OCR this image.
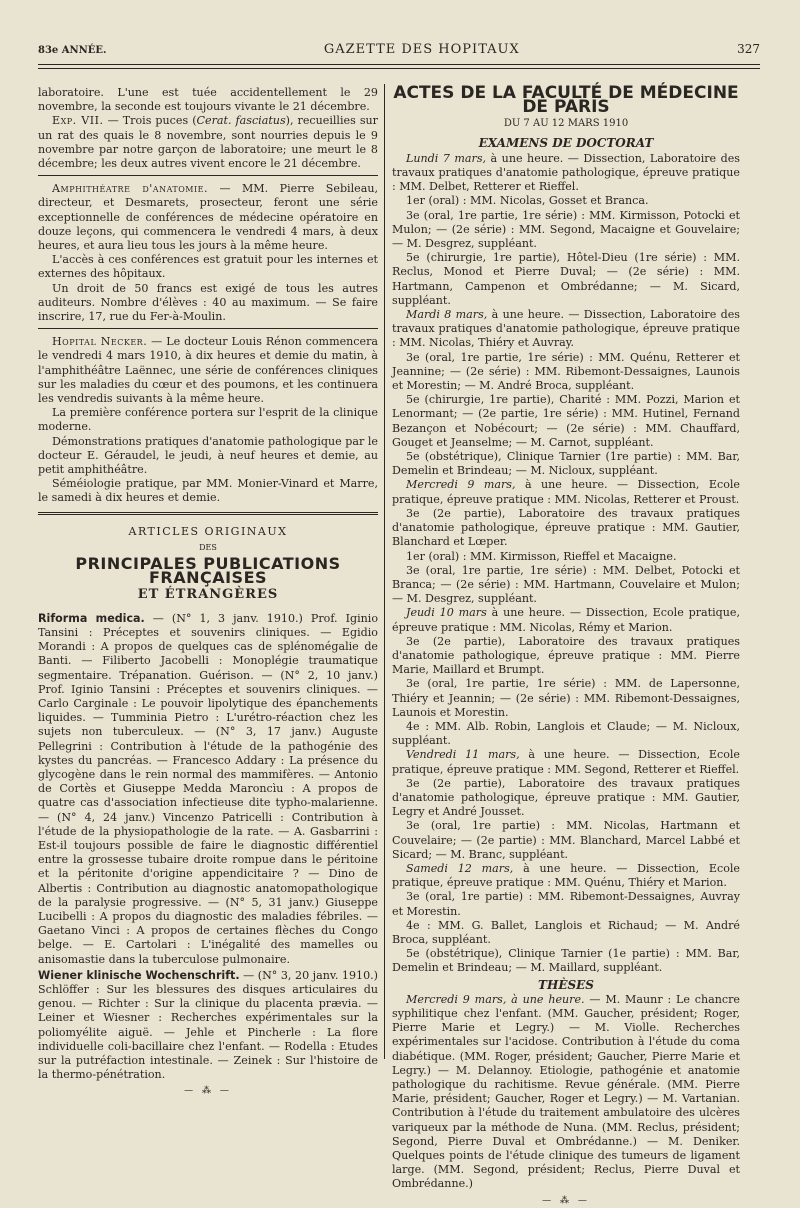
83e ANNÉE.	GAZETTE DES HOPITAUX	327

laboratoire. L'une est tuée accidentellement le 29 novembre, la seconde est toujours vivante le 21 décembre.

Exp. VII. — Trois puces (Cerat. fasciatus), recueillies sur un rat des quais le 8 novembre, sont nourries depuis le 9 novembre par notre garçon de laboratoire; une meurt le 8 décembre; les deux autres vivent encore le 21 décembre.

Amphithéatre d'anatomie. — MM. Pierre Sebileau, directeur, et Desmarets, prosecteur, feront une série exceptionnelle de conférences de médecine opératoire en douze leçons, qui commencera le vendredi 4 mars, à deux heures, et aura lieu tous les jours à la même heure.

L'accès à ces conférences est gratuit pour les internes et externes des hôpitaux.

Un droit de 50 francs est exigé de tous les autres auditeurs. Nombre d'élèves : 40 au maximum. — Se faire inscrire, 17, rue du Fer-à-Moulin.

Hopital Necker. — Le docteur Louis Rénon commencera le vendredi 4 mars 1910, à dix heures et demie du matin, à l'amphithéâtre Laënnec, une série de conférences cliniques sur les maladies du cœur et des poumons, et les continuera les vendredis suivants à la même heure.

La première conférence portera sur l'esprit de la clinique moderne.

Démonstrations pratiques d'anatomie pathologique par le docteur E. Géraudel, le jeudi, à neuf heures et demie, au petit amphithéâtre.

Séméiologie pratique, par MM. Monier-Vinard et Marre, le samedi à dix heures et demie.

ARTICLES ORIGINAUX
DES
PRINCIPALES PUBLICATIONS FRANÇAISES
ET ÉTRANGÈRES

Riforma medica. — (N° 1, 3 janv. 1910.) Prof. Iginio Tansini : Préceptes et souvenirs cliniques. — Egidio Morandi : A propos de quelques cas de splénomégalie de Banti. — Filiberto Jacobelli : Monoplégie traumatique segmentaire. Trépanation. Guérison. — (N° 2, 10 janv.) Prof. Iginio Tansini : Préceptes et souvenirs cliniques. — Carlo Carginale : Le pouvoir lipolytique des épanchements liquides. — Tumminia Pietro : L'urétro-réaction chez les sujets non tuberculeux. — (N° 3, 17 janv.) Auguste Pellegrini : Contribution à l'étude de la pathogénie des kystes du pancréas. — Francesco Addary : La présence du glycogène dans le rein normal des mammifères. — Antonio de Cortès et Giuseppe Medda Maroncìu : A propos de quatre cas d'association infectieuse dite typho-malarienne. — (N° 4, 24 janv.) Vincenzo Patricelli : Contribution à l'étude de la physiopathologie de la rate. — A. Gasbarrini : Est-il toujours possible de faire le diagnostic différentiel entre la grossesse tubaire droite rompue dans le péritoine et la péritonite d'origine appendicitaire ? — Dino de Albertis : Contribution au diagnostic anatomopathologique de la paralysie progressive. — (N° 5, 31 janv.) Giuseppe Lucibelli : A propos du diagnostic des maladies fébriles. — Gaetano Vinci : A propos de certaines flèches du Congo belge. — E. Cartolari : L'inégalité des mamelles ou anisomastie dans la tuberculose pulmonaire.

Wiener klinische Wochenschrift. — (N° 3, 20 janv. 1910.) Schlöffer : Sur les blessures des disques articulaires du genou. — Richter : Sur la clinique du placenta prævia. — Leiner et Wiesner : Recherches expérimentales sur la poliomyélite aiguë. — Jehle et Pincherle : La flore individuelle coli-bacillaire chez l'enfant. — Rodella : Etudes sur la putréfaction intestinale. — Zeinek : Sur l'histoire de la thermo-pénétration.

— ⁂ —
ACTES DE LA FACULTÉ DE MÉDECINE DE PARIS
DU 7 AU 12 MARS 1910
EXAMENS DE DOCTORAT

Lundi 7 mars, à une heure. — Dissection, Laboratoire des travaux pratiques d'anatomie pathologique, épreuve pratique : MM. Delbet, Retterer et Rieffel.

1er (oral) : MM. Nicolas, Gosset et Branca.

3e (oral, 1re partie, 1re série) : MM. Kirmisson, Potocki et Mulon; — (2e série) : MM. Segond, Macaigne et Gouvelaire; — M. Desgrez, suppléant.

5e (chirurgie, 1re partie), Hôtel-Dieu (1re série) : MM. Reclus, Monod et Pierre Duval; — (2e série) : MM. Hartmann, Campenon et Ombrédanne; — M. Sicard, suppléant.

Mardi 8 mars, à une heure. — Dissection, Laboratoire des travaux pratiques d'anatomie pathologique, épreuve pratique : MM. Nicolas, Thiéry et Auvray.

3e (oral, 1re partie, 1re série) : MM. Quénu, Retterer et Jeannine; — (2e série) : MM. Ribemont-Dessaignes, Launois et Morestin; — M. André Broca, suppléant.

5e (chirurgie, 1re partie), Charité : MM. Pozzi, Marion et Lenormant; — (2e partie, 1re série) : MM. Hutinel, Fernand Bezançon et Nobécourt; — (2e série) : MM. Chauffard, Gouget et Jeanselme; — M. Carnot, suppléant.

5e (obstétrique), Clinique Tarnier (1re partie) : MM. Bar, Demelin et Brindeau; — M. Nicloux, suppléant.

Mercredi 9 mars, à une heure. — Dissection, Ecole pratique, épreuve pratique : MM. Nicolas, Retterer et Proust.

3e (2e partie), Laboratoire des travaux pratiques d'anatomie pathologique, épreuve pratique : MM. Gautier, Blanchard et Lœper.

1er (oral) : MM. Kirmisson, Rieffel et Macaigne.

3e (oral, 1re partie, 1re série) : MM. Delbet, Potocki et Branca; — (2e série) : MM. Hartmann, Couvelaire et Mulon; — M. Desgrez, suppléant.

Jeudi 10 mars à une heure. — Dissection, Ecole pratique, épreuve pratique : MM. Nicolas, Rémy et Marion.

3e (2e partie), Laboratoire des travaux pratiques d'anatomie pathologique, épreuve pratique : MM. Pierre Marie, Maillard et Brumpt.

3e (oral, 1re partie, 1re série) : MM. de Lapersonne, Thiéry et Jeannin; — (2e série) : MM. Ribemont-Dessaignes, Launois et Morestin.

4e : MM. Alb. Robin, Langlois et Claude; — M. Nicloux, suppléant.

Vendredi 11 mars, à une heure. — Dissection, Ecole pratique, épreuve pratique : MM. Segond, Retterer et Rieffel.

3e (2e partie), Laboratoire des travaux pratiques d'anatomie pathologique, épreuve pratique : MM. Gautier, Legry et André Jousset.

3e (oral, 1re partie) : MM. Nicolas, Hartmann et Couvelaire; — (2e partie) : MM. Blanchard, Marcel Labbé et Sicard; — M. Branc, suppléant.

Samedi 12 mars, à une heure. — Dissection, Ecole pratique, épreuve pratique : MM. Quénu, Thiéry et Marion.

3e (oral, 1re partie) : MM. Ribemont-Dessaignes, Auvray et Morestin.

4e : MM. G. Ballet, Langlois et Richaud; — M. André Broca, suppléant.

5e (obstétrique), Clinique Tarnier (1e partie) : MM. Bar, Demelin et Brindeau; — M. Maillard, suppléant.

THÈSES

Mercredi 9 mars, à une heure. — M. Maunr : Le chancre syphilitique chez l'enfant. (MM. Gaucher, président; Roger, Pierre Marie et Legry.) — M. Violle. Recherches expérimentales sur l'acidose. Contribution à l'étude du coma diabétique. (MM. Roger, président; Gaucher, Pierre Marie et Legry.) — M. Delannoy. Etiologie, pathogénie et anatomie pathologique du rachitisme. Revue générale. (MM. Pierre Marie, président; Gaucher, Roger et Legry.) — M. Vartanian. Contribution à l'étude du traitement ambulatoire des ulcères variqueux par la méthode de Nuna. (MM. Reclus, président; Segond, Pierre Duval et Ombrédanne.) — M. Deniker. Quelques points de l'étude clinique des tumeurs de ligament large. (MM. Segond, président; Reclus, Pierre Duval et Ombrédanne.)

— ⁂ —
